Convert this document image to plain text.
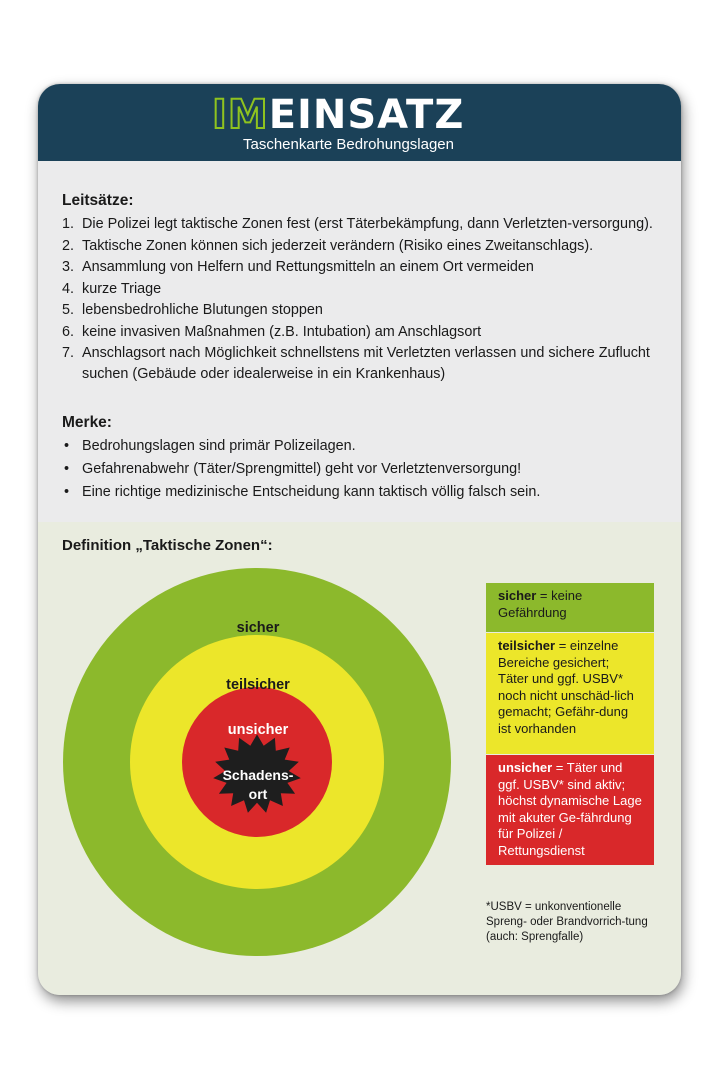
IMEINSATZ
Taschenkarte Bedrohungslagen
Leitsätze:
1. Die Polizei legt taktische Zonen fest (erst Täterbekämpfung, dann Verletzten-versorgung).
2. Taktische Zonen können sich jederzeit verändern (Risiko eines Zweitanschlags).
3. Ansammlung von Helfern und Rettungsmitteln an einem Ort vermeiden
4. kurze Triage
5. lebensbedrohliche Blutungen stoppen
6. keine invasiven Maßnahmen (z.B. Intubation) am Anschlagsort
7. Anschlagsort nach Möglichkeit schnellstens mit Verletzten verlassen und sichere Zuflucht suchen (Gebäude oder idealerweise in ein Krankenhaus)
Merke:
• Bedrohungslagen sind primär Polizeilagen.
• Gefahrenabwehr (Täter/Sprengmittel) geht vor Verletztenversorgung!
• Eine richtige medizinische Entscheidung kann taktisch völlig falsch sein.
Definition „Taktische Zonen“:
sicher
teilsicher
unsicher
Schadens-
ort
sicher = keine Gefährdung
teilsicher = einzelne Bereiche gesichert; Täter und ggf. USBV* noch nicht unschäd-lich gemacht; Gefähr-dung ist vorhanden
unsicher = Täter und ggf. USBV* sind aktiv; höchst dynamische Lage mit akuter Ge-fährdung für Polizei / Rettungsdienst
*USBV = unkonventionelle Spreng- oder Brandvorrich-tung (auch: Sprengfalle)
